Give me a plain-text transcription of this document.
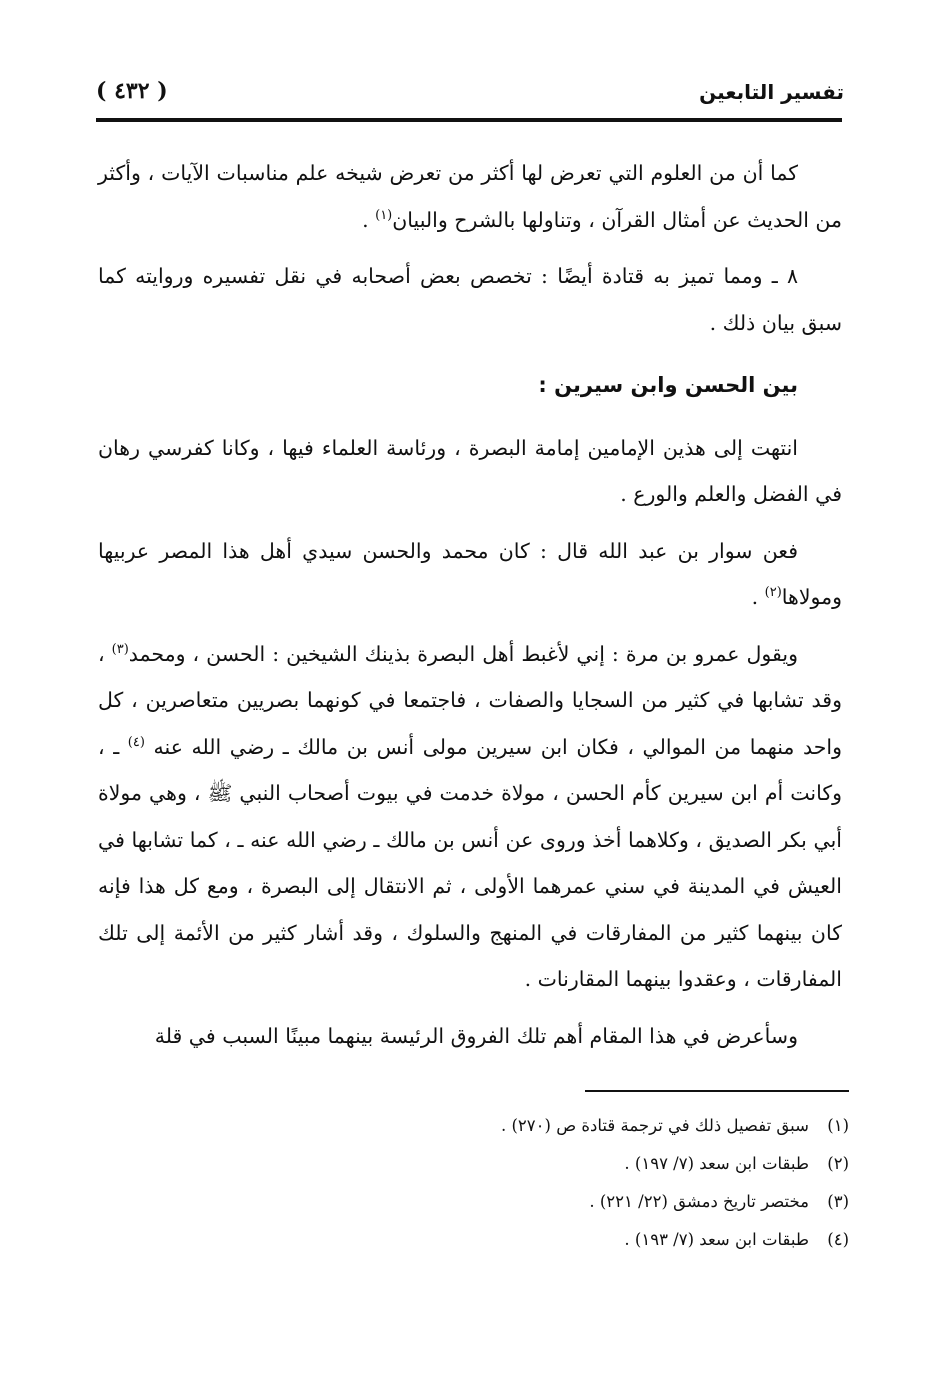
تفسير التابعين
( ٤٣٢ )

كما أن من العلوم التي تعرض لها أكثر من تعرض شيخه علم مناسبات الآيات ، وأكثر من الحديث عن أمثال القرآن ، وتناولها بالشرح والبيان$^{(١)}$ .

٨ ـ ومما تميز به قتادة أيضًا : تخصص بعض أصحابه في نقل تفسيره وروايته كما سبق بيان ذلك .

بين الحسن وابن سيرين :

انتهت إلى هذين الإمامين إمامة البصرة ، ورئاسة العلماء فيها ، وكانا كفرسي رهان في الفضل والعلم والورع .

فعن سوار بن عبد الله قال : كان محمد والحسن سيدي أهل هذا المصر عربيها ومولاها$^{(٢)}$ .

ويقول عمرو بن مرة : إني لأغبط أهل البصرة بذينك الشيخين : الحسن ، ومحمد$^{(٣)}$ ، وقد تشابها في كثير من السجايا والصفات ، فاجتمعا في كونهما بصريين متعاصرين ، كل واحد منهما من الموالي ، فكان ابن سيرين مولى أنس بن مالك ـ رضي الله عنه $^{(٤)}$ ـ ، وكانت أم ابن سيرين كأم الحسن ، مولاة خدمت في بيوت أصحاب النبي ﷺ ، وهي مولاة أبي بكر الصديق ، وكلاهما أخذ وروى عن أنس بن مالك ـ رضي الله عنه ـ ، كما تشابها في العيش في المدينة في سني عمرهما الأولى ، ثم الانتقال إلى البصرة ، ومع كل هذا فإنه كان بينهما كثير من المفارقات في المنهج والسلوك ، وقد أشار كثير من الأئمة إلى تلك المفارقات ، وعقدوا بينهما المقارنات .

وسأعرض في هذا المقام أهم تلك الفروق الرئيسة بينهما مبينًا السبب في قلة

(١)سبق تفصيل ذلك في ترجمة قتادة ص (٢٧٠) .
(٢)طبقات ابن سعد (٧/ ١٩٧) .
(٣)مختصر تاريخ دمشق (٢٢/ ٢٢١) .
(٤)طبقات ابن سعد (٧/ ١٩٣) .
